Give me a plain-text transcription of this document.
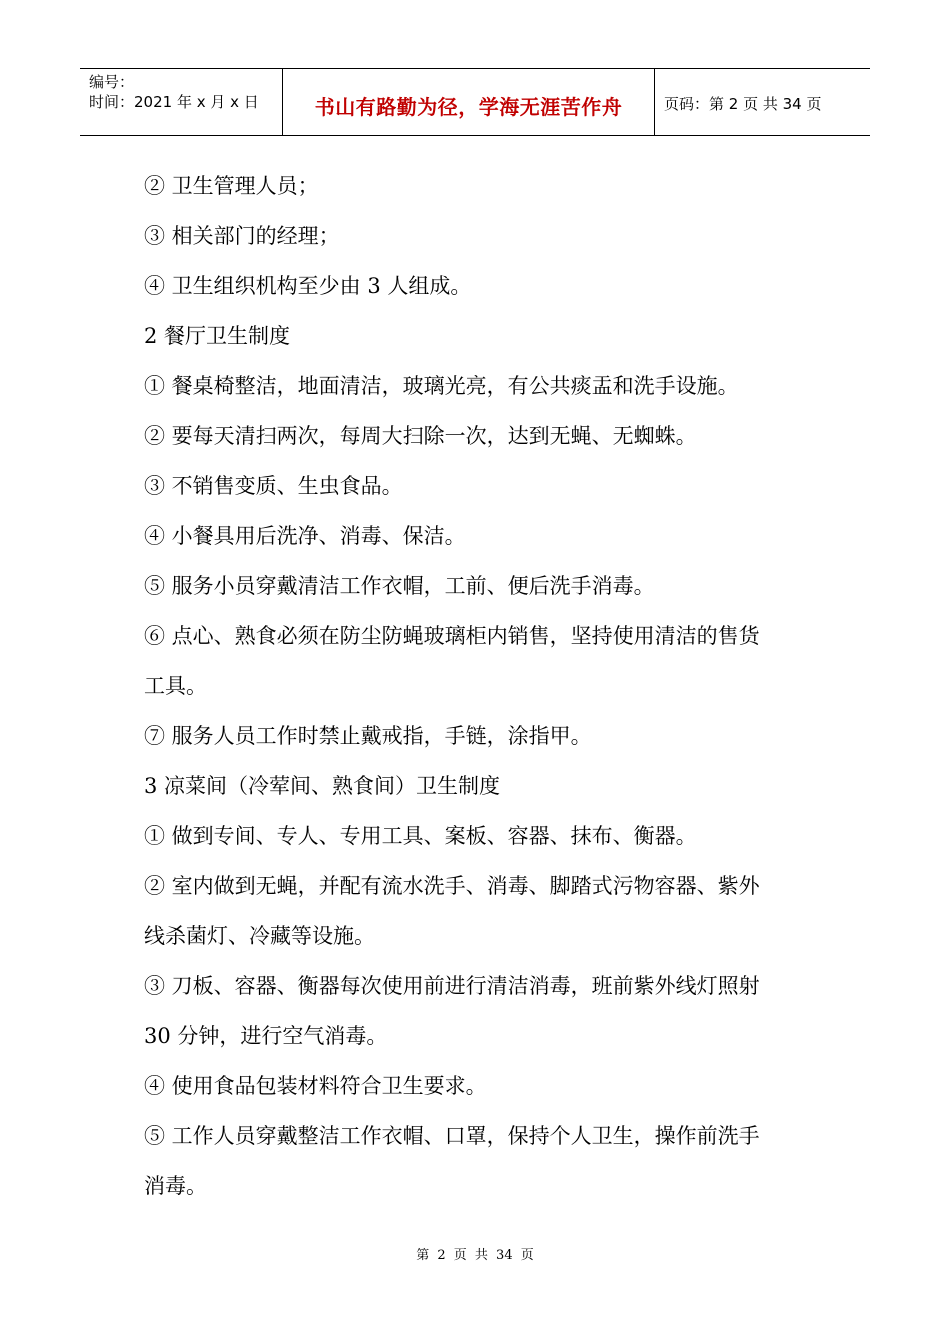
编号：
时间：2021 年 x 月 x 日	书山有路勤为径，学海无涯苦作舟	页码：第 2 页 共 34 页
② 卫生管理人员；
③ 相关部门的经理；
④ 卫生组织机构至少由 3 人组成。
2 餐厅卫生制度
① 餐桌椅整洁，地面清洁，玻璃光亮，有公共痰盂和洗手设施。
② 要每天清扫两次，每周大扫除一次，达到无蝇、无蜘蛛。
③ 不销售变质、生虫食品。
④ 小餐具用后洗净、消毒、保洁。
⑤ 服务小员穿戴清洁工作衣帽，工前、便后洗手消毒。
⑥ 点心、熟食必须在防尘防蝇玻璃柜内销售，坚持使用清洁的售货
工具。
⑦ 服务人员工作时禁止戴戒指，手链，涂指甲。
3 凉菜间（冷荤间、熟食间）卫生制度
① 做到专间、专人、专用工具、案板、容器、抹布、衡器。
② 室内做到无蝇，并配有流水洗手、消毒、脚踏式污物容器、紫外
线杀菌灯、冷藏等设施。
③ 刀板、容器、衡器每次使用前进行清洁消毒，班前紫外线灯照射
30 分钟，进行空气消毒。
④ 使用食品包装材料符合卫生要求。
⑤ 工作人员穿戴整洁工作衣帽、口罩，保持个人卫生，操作前洗手
消毒。
第 2 页 共 34 页
